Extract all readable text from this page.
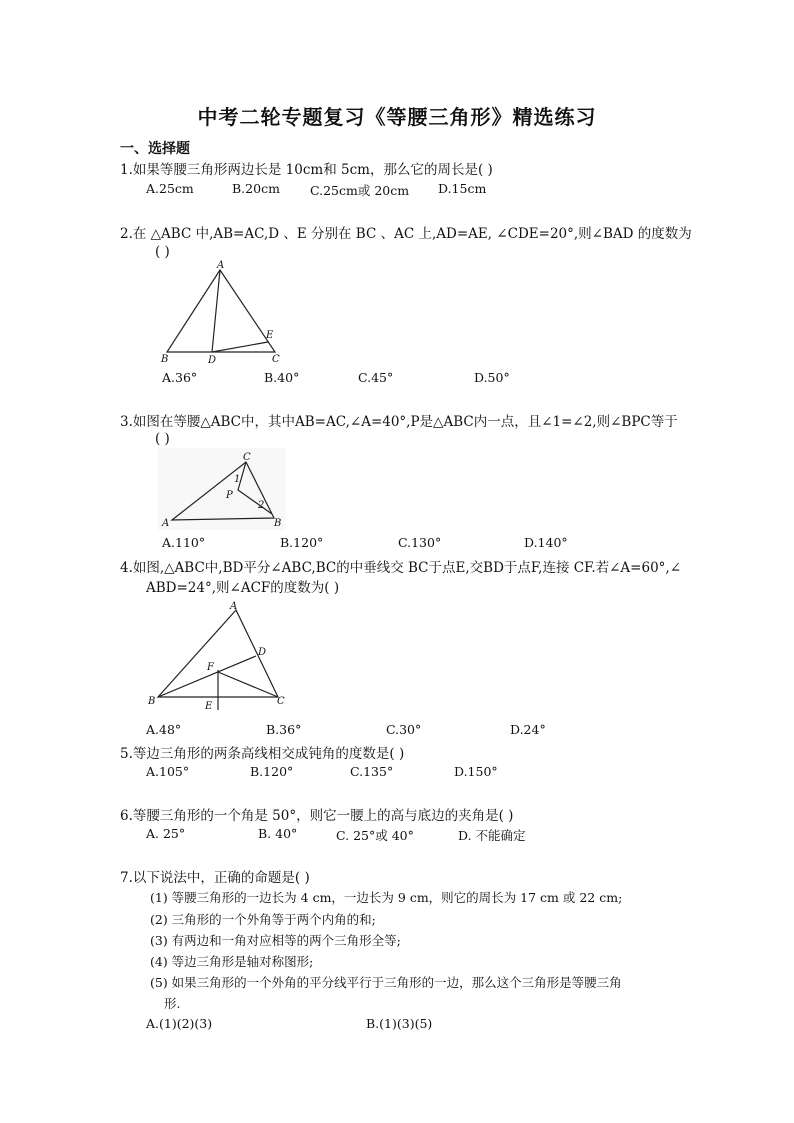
中考二轮专题复习《等腰三角形》精选练习
一、选择题
1.如果等腰三角形两边长是 10cm和 5cm，那么它的周长是( )
A.25cm	B.20cm C.25cm或 20cm D.15cm
2.在 △ABC 中,AB=AC,D 、E 分别在 BC 、AC 上,AD=AE, ∠CDE=20°,则∠BAD 的度数为
( )
A
B	C
D
E
A.36°	B.40°	C.45°	D.50°
3.如图在等腰△ABC中，其中AB=AC,∠A=40°,P是△ABC内一点，且∠1=∠2,则∠BPC等于
( )
C
1
P
2
A	B
A.110°	B.120°	C.130°	D.140°
4.如图,△ABC中,BD平分∠ABC,BC的中垂线交 BC于点E,交BD于点F,连接 CF.若∠A=60°,∠
ABD=24°,则∠ACF的度数为( )
A
D
F
B	E	C
A.48°	B.36°	C.30°	D.24°
5.等边三角形的两条高线相交成钝角的度数是( )
A.105°	B.120°	C.135°	D.150°
6.等腰三角形的一个角是 50°，则它一腰上的高与底边的夹角是( )
A. 25°	B. 40°	C. 25°或 40°	D. 不能确定
7.以下说法中，正确的命题是( )
(1) 等腰三角形的一边长为 4 cm，一边长为 9 cm，则它的周长为 17 cm 或 22 cm;
(2) 三角形的一个外角等于两个内角的和;
(3) 有两边和一角对应相等的两个三角形全等;
(4) 等边三角形是轴对称图形;
(5) 如果三角形的一个外角的平分线平行于三角形的一边，那么这个三角形是等腰三角
形.
A.(1)(2)(3)	B.(1)(3)(5)
